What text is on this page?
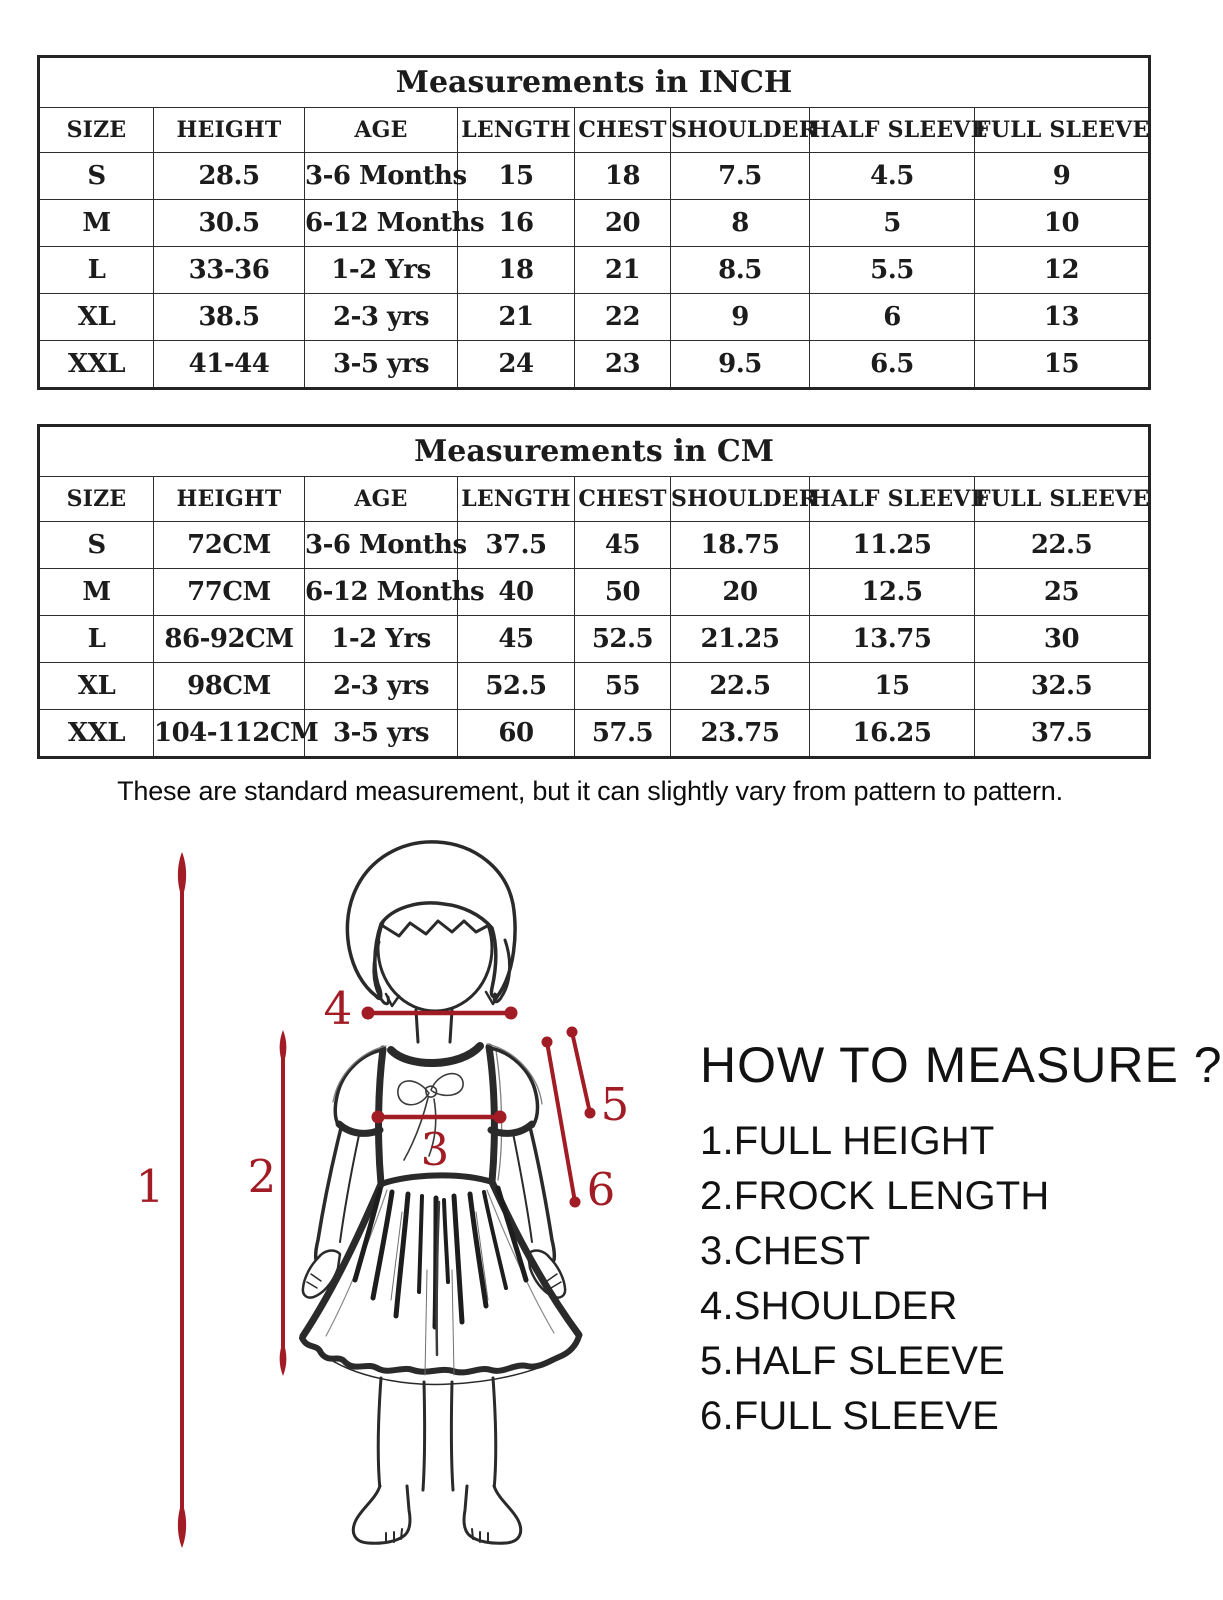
Measurements in INCH							
SIZE	HEIGHT	AGE	LENGTH	CHEST	SHOULDER	HALF SLEEVE	FULL SLEEVE
S	28.5	3-6 Months	15	18	7.5	4.5	9
M	30.5	6-12 Months	16	20	8	5	10
L	33-36	1-2 Yrs	18	21	8.5	5.5	12
XL	38.5	2-3 yrs	21	22	9	6	13
XXL	41-44	3-5 yrs	24	23	9.5	6.5	15
Measurements in CM							
SIZE	HEIGHT	AGE	LENGTH	CHEST	SHOULDER	HALF SLEEVE	FULL SLEEVE
S	72CM	3-6 Months	37.5	45	18.75	11.25	22.5
M	77CM	6-12 Months	40	50	20	12.5	25
L	86-92CM	1-2 Yrs	45	52.5	21.25	13.75	30
XL	98CM	2-3 yrs	52.5	55	22.5	15	32.5
XXL	104-112CM	3-5 yrs	60	57.5	23.75	16.25	37.5

These are standard measurement, but it can slightly vary from pattern to pattern.

1 2
3
4
5
6
HOW TO MEASURE ?
1.FULL HEIGHT
2.FROCK LENGTH
3.CHEST
4.SHOULDER
5.HALF SLEEVE
6.FULL SLEEVE
